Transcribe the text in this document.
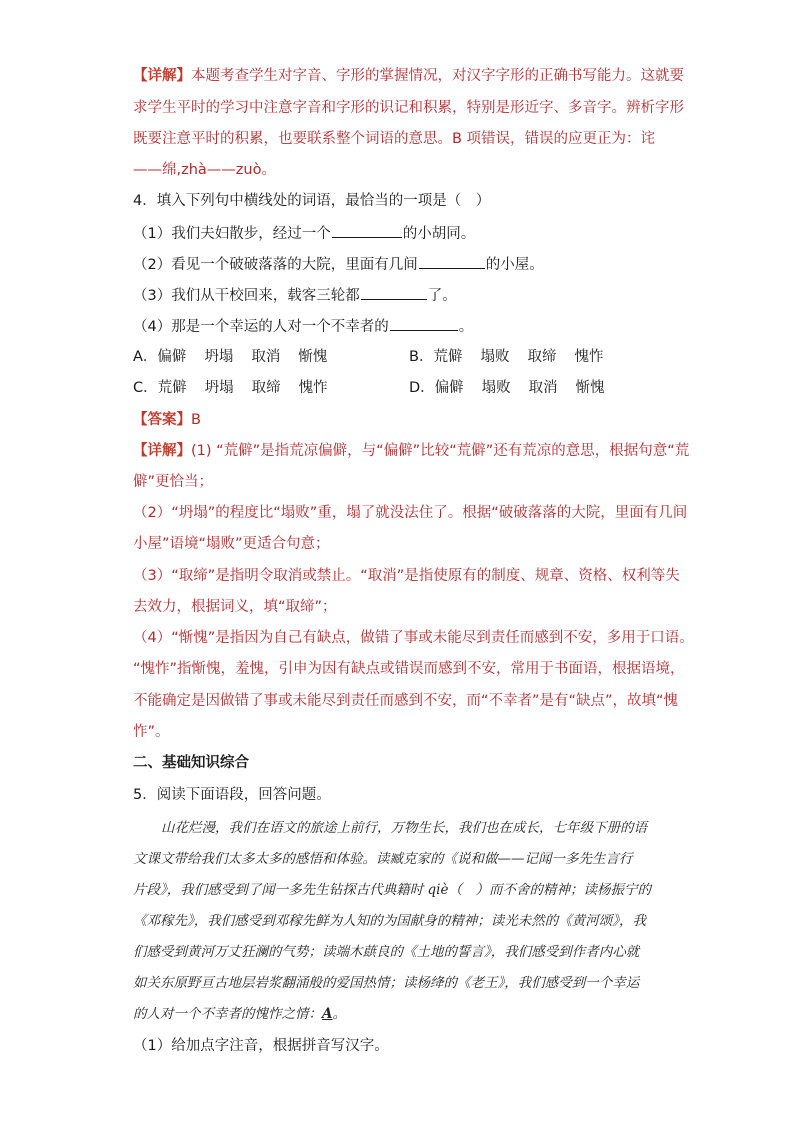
【详解】本题考查学生对字音、字形的掌握情况，对汉字字形的正确书写能力。这就要
求学生平时的学习中注意字音和字形的识记和积累，特别是形近字、多音字。辨析字形
既要注意平时的积累，也要联系整个词语的意思。B 项错误，错误的应更正为：诧
——绵,zhà——zuò。
4．填入下列句中横线处的词语，最恰当的一项是（　）
（1）我们夫妇散步，经过一个	的小胡同。
（2）看见一个破破落落的大院，里面有几间	的小屋。
（3）我们从干校回来，载客三轮都	了。
（4）那是一个幸运的人对一个不幸者的	。
A．偏僻 坍塌 取消 惭愧	B．荒僻 塌败 取缔 愧怍
C．荒僻 坍塌 取缔 愧怍	D．偏僻 塌败 取消 惭愧
【答案】B
【详解】(1) “荒僻”是指荒凉偏僻，与“偏僻”比较“荒僻”还有荒凉的意思，根据句意“荒
僻”更恰当；
（2）“坍塌”的程度比“塌败”重，塌了就没法住了。根据“破破落落的大院，里面有几间
小屋”语境“塌败”更适合句意；
（3）“取缔”是指明令取消或禁止。“取消”是指使原有的制度、规章、资格、权利等失
去效力，根据词义，填“取缔”；
（4）“惭愧”是指因为自己有缺点，做错了事或未能尽到责任而感到不安，多用于口语。
“愧怍”指惭愧，羞愧，引申为因有缺点或错误而感到不安，常用于书面语，根据语境，
不能确定是因做错了事或未能尽到责任而感到不安，而“不幸者”是有“缺点”，故填“愧
怍”。
二、基础知识综合
5．阅读下面语段，回答问题。
山花烂漫，我们在语文的旅途上前行，万物生长，我们也在成长，七年级下册的语
文课文带给我们太多太多的感悟和体验。读臧克家的《说和做——记闻一多先生言行
片段》，我们感受到了闻一多先生钻探古代典籍时 qiè（　）而不舍的精神；读杨振宁的
《邓稼先》，我们感受到邓稼先鲜为人知的为国献身的精神；读光未然的《黄河颂》，我
们感受到黄河万丈狂澜的气势；读端木蕻良的《土地的誓言》，我们感受到作者内心就
如关东原野亘古地层岩浆翻涌般的爱国热情；读杨绛的《老王》，我们感受到一个幸运
的人对一个不幸者的愧怍之情：A。
（1）给加点字注音，根据拼音写汉字。
